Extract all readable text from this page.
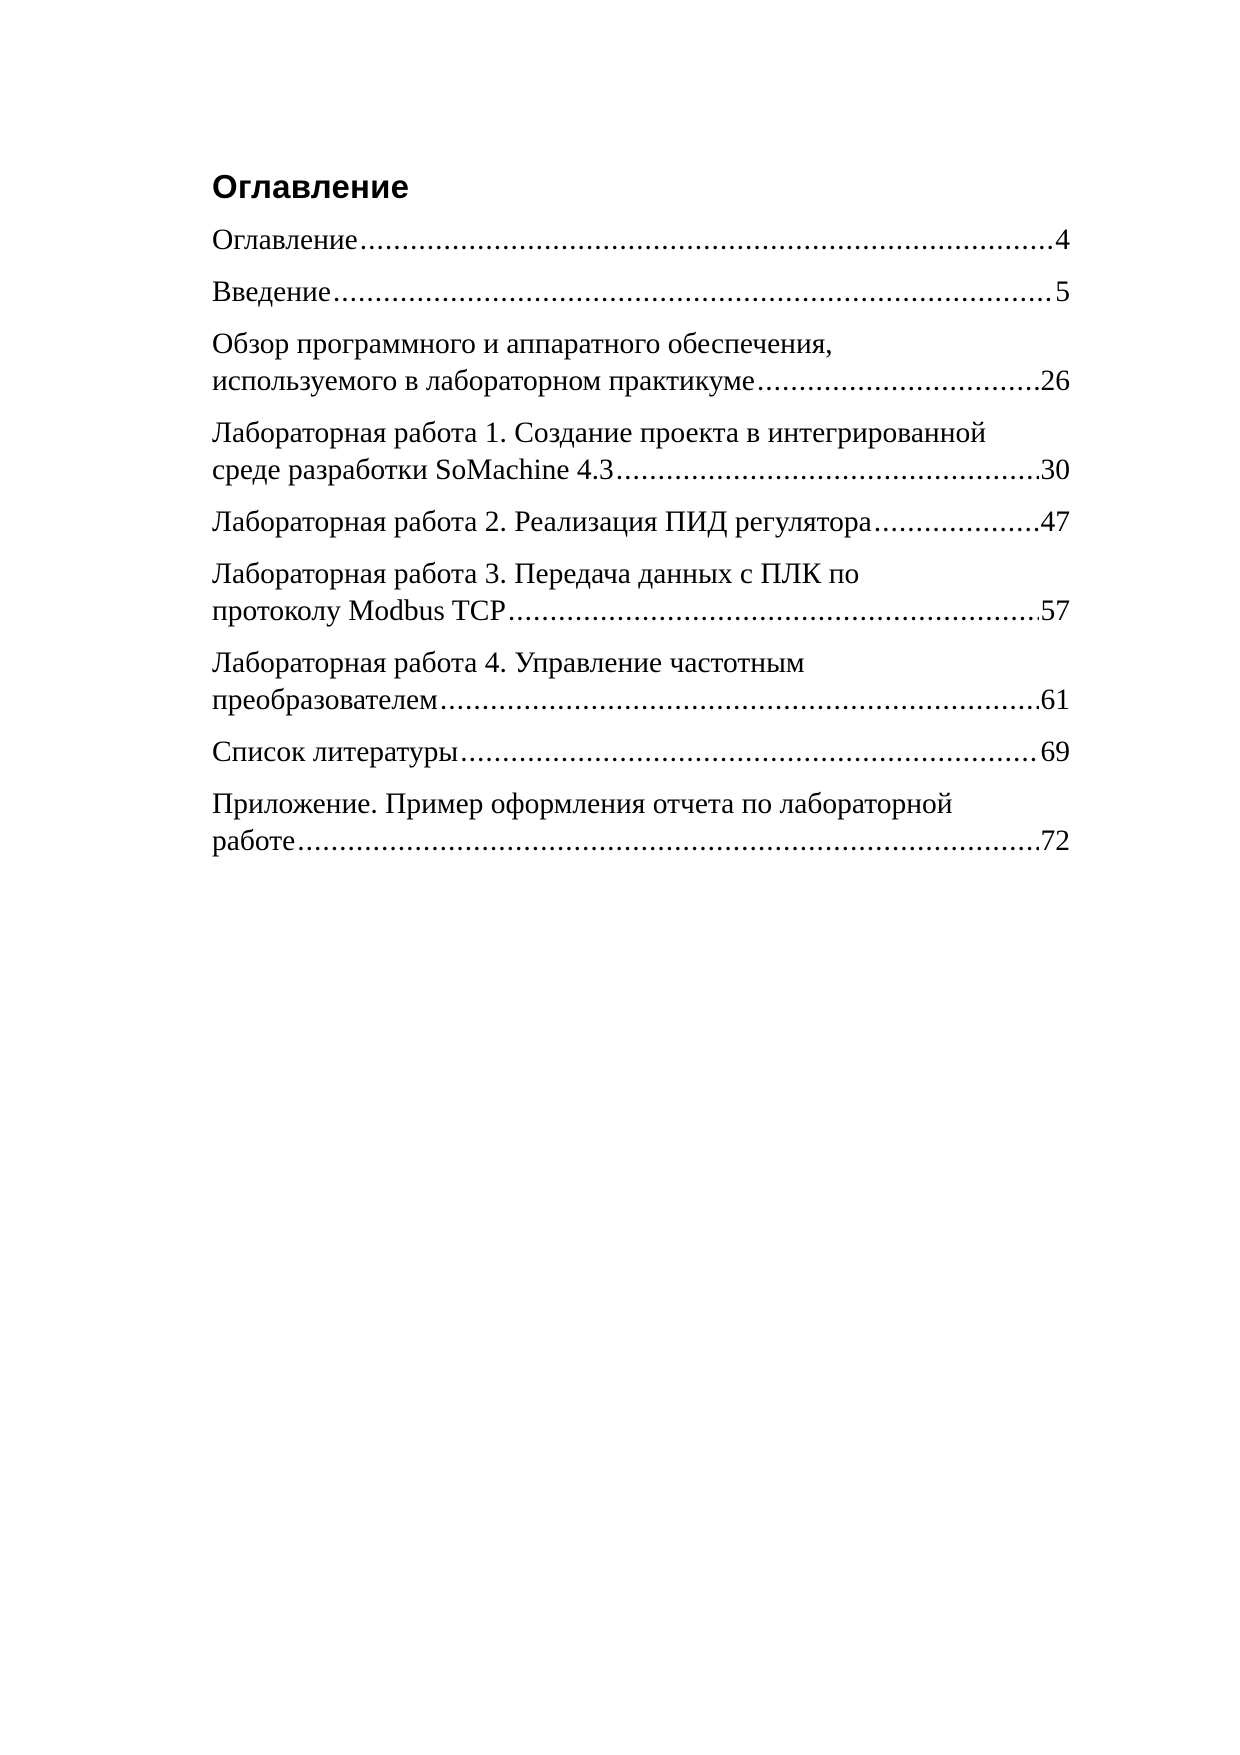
Оглавление
Оглавление .....	4
Введение .....	5
Обзор программного и аппаратного обеспечения,
используемого в лабораторном практикуме .....	26
Лабораторная работа 1. Создание проекта в интегрированной
среде разработки SoMachine 4.3 .....	30
Лабораторная работа 2. Реализация ПИД регулятора .....	47
Лабораторная работа 3. Передача данных с ПЛК по
протоколу Modbus TCP .....	57
Лабораторная работа 4. Управление частотным
преобразователем .....	61
Список литературы .....	69
Приложение. Пример оформления отчета по лабораторной
работе .....	72
